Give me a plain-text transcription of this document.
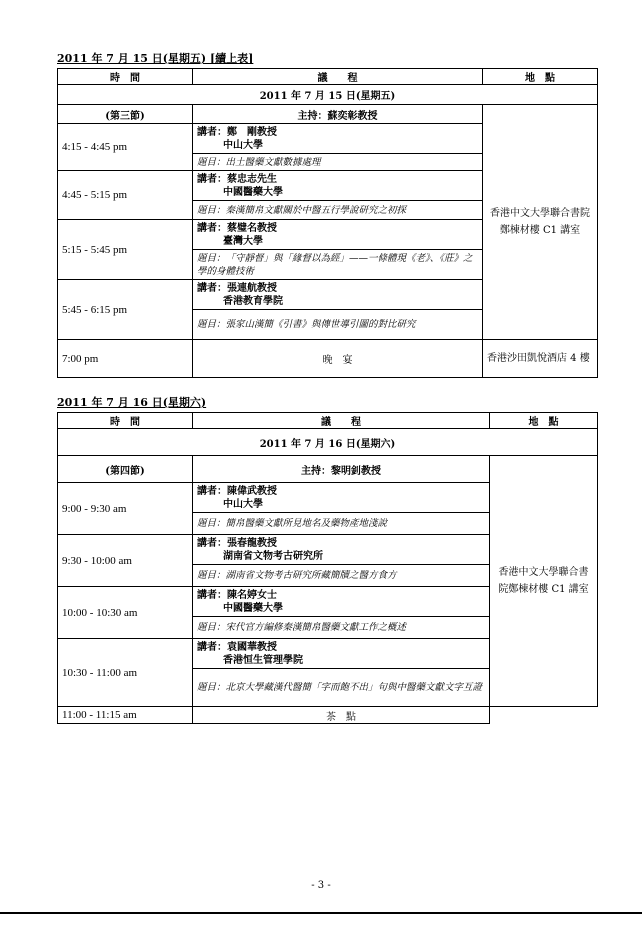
2011 年 7 月 15 日(星期五) [續上表]
時　間	議　　程	地　點
2011 年 7 月 15 日(星期五)		
(第三節)	主持：蘇奕彰教授	香港中文大學聯合書院鄭棟材樓 C1 講室
4:15 - 4:45 pm	講者：鄭　剛教授
中山大學	

	題目：出土醫藥文獻數據處理	
4:45 - 5:15 pm	講者：蔡忠志先生
中國醫藥大學	

	題目：秦漢簡帛文獻關於中醫五行學說研究之初探	
5:15 - 5:45 pm	講者：蔡璧名教授
臺灣大學	

	題目：「守靜督」與「緣督以為經」——一條體現《老》、《莊》之學的身體技術	
5:45 - 6:15 pm	講者：張連航教授
香港教育學院	

	題目：張家山漢簡《引書》與傳世導引圖的對比研究	
7:00 pm	晚　宴	香港沙田凱悅酒店 4 樓
2011 年 7 月 16 日(星期六)
時　間	議　　程	地　點
2011 年 7 月 16 日(星期六)		
(第四節)	主持：黎明釗教授	香港中文大學聯合書院鄭棟材樓 C1 講室
9:00 - 9:30 am	講者：陳偉武教授
中山大學	

	題目：簡帛醫藥文獻所見地名及藥物產地淺說	
9:30 - 10:00 am	講者：張春龍教授
湖南省文物考古研究所	

	題目：湖南省文物考古研究所藏簡牘之醫方食方	
10:00 - 10:30 am	講者：陳名婷女士
中國醫藥大學	

	題目：宋代官方編修秦漢簡帛醫藥文獻工作之概述	
10:30 - 11:00 am	講者：袁國華教授
香港恒生管理學院	

	題目：北京大學藏漢代醫簡「字而飽不出」句與中醫藥文獻文字互證	
11:00 - 11:15 am	茶　點	
- 3 -
